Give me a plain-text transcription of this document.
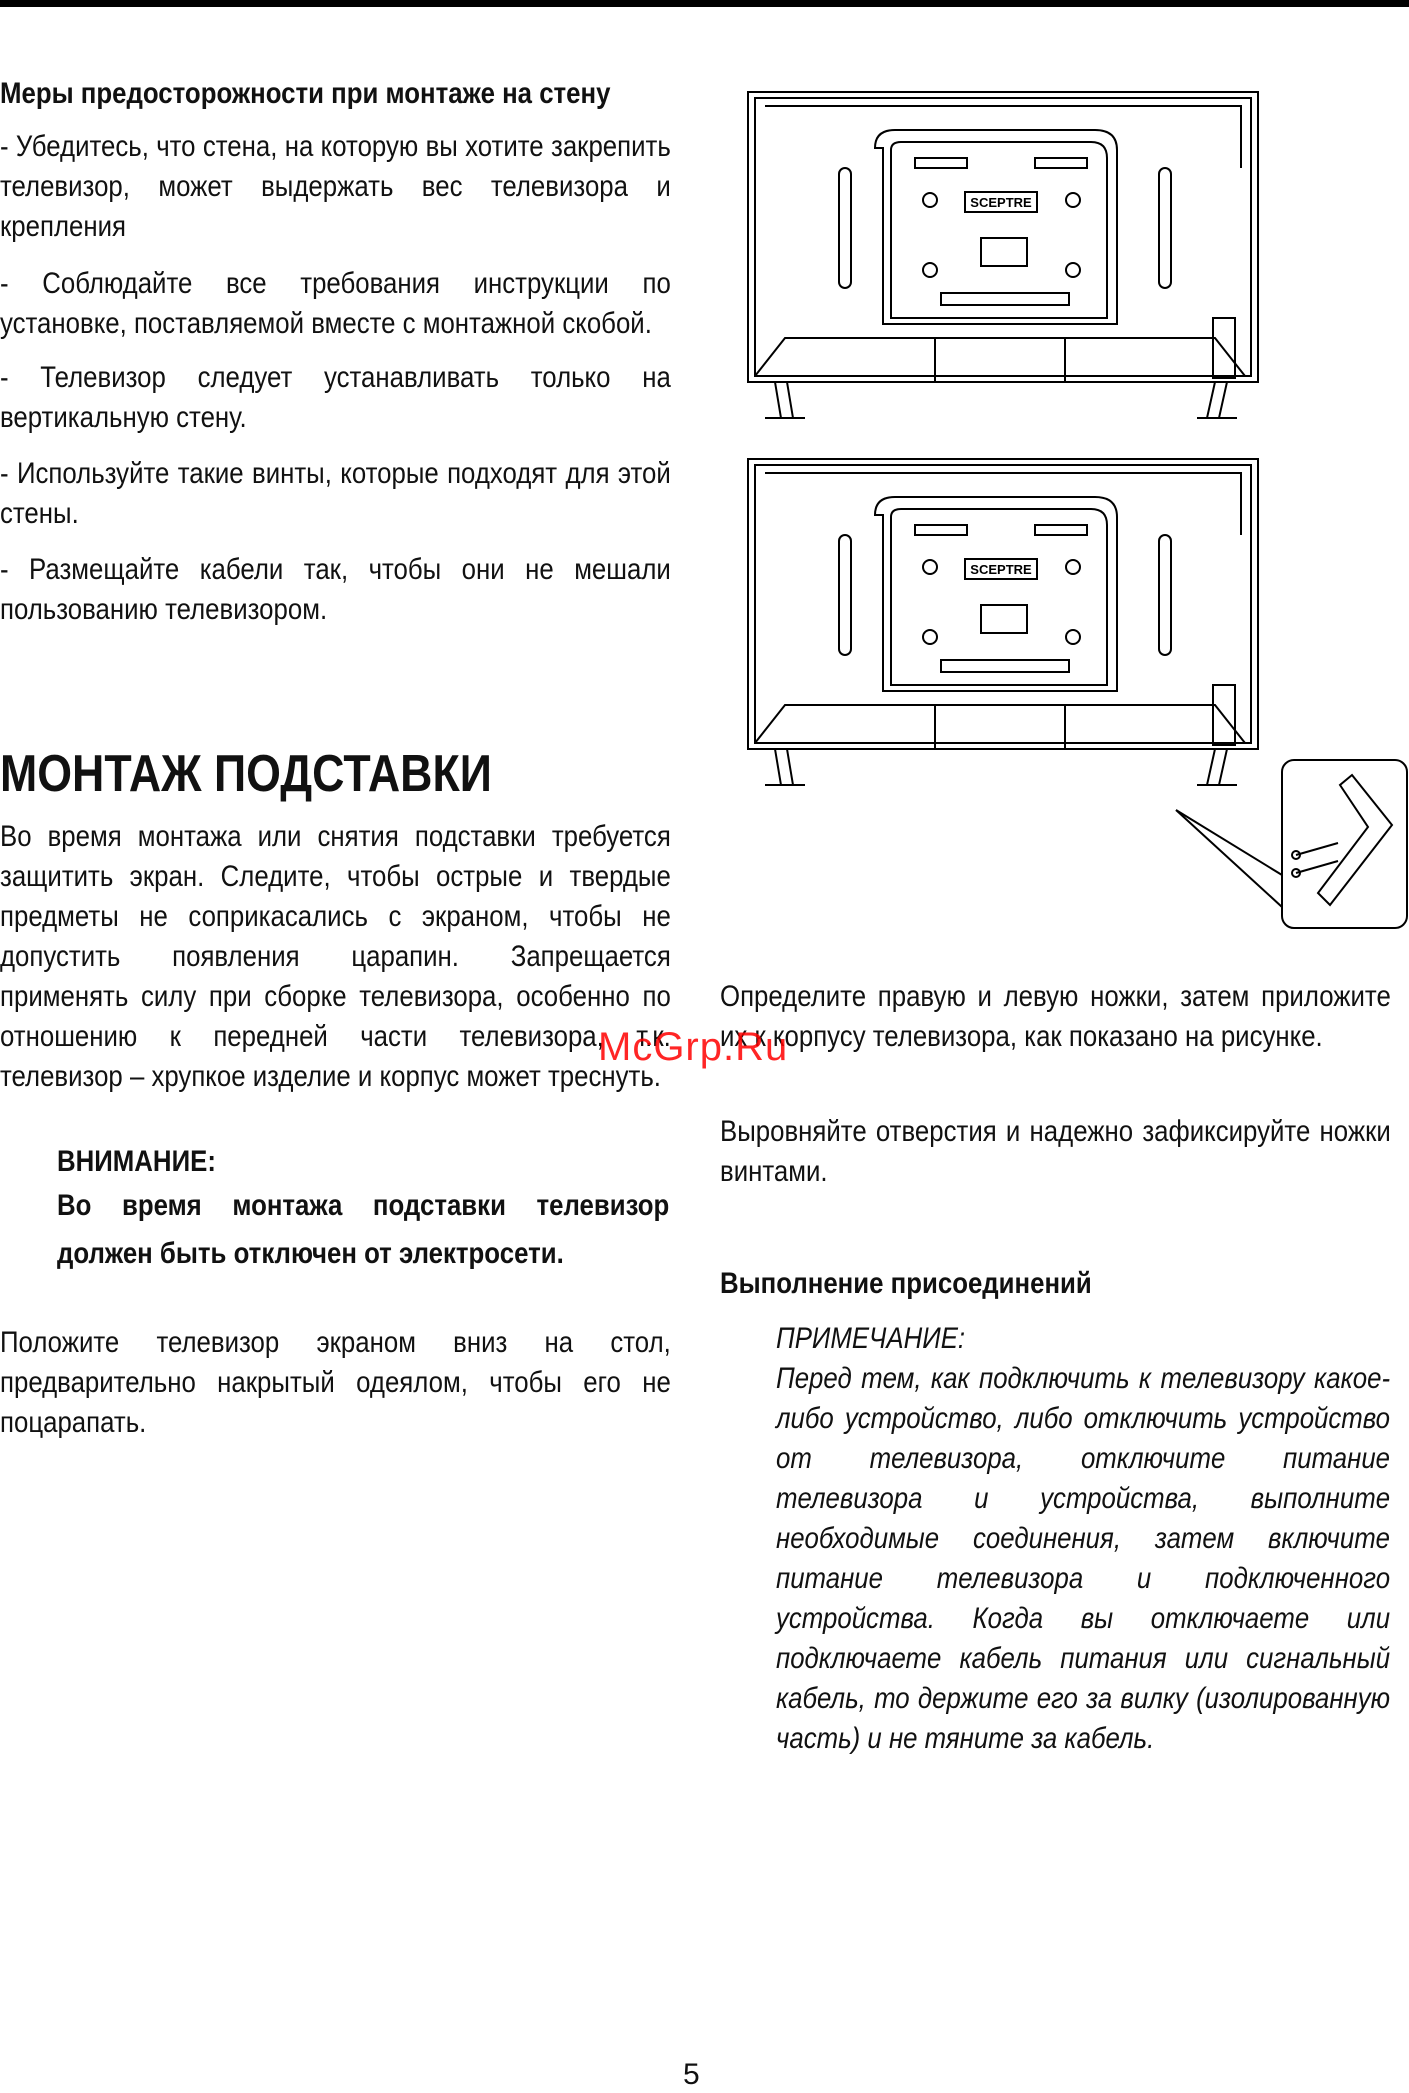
Меры предосторожности при монтаже на стену

- Убедитесь, что стена, на которую вы хотите закрепить телевизор, может выдержать вес телевизора и крепления

- Соблюдайте все требования инструкции по установке, поставляемой вместе с монтажной скобой.

- Телевизор следует устанавливать только на вертикальную стену.

- Используйте такие винты, которые подходят для этой стены.

- Размещайте кабели так, чтобы они не мешали пользованию телевизором.

МОНТАЖ ПОДСТАВКИ

Во время монтажа или снятия подставки требуется защитить экран. Следите, чтобы острые и твердые предметы не соприкасались с экраном, чтобы не допустить появления царапин. Запрещается применять силу при сборке телевизора, особенно по отношению к передней части телевизора, т.к. телевизор – хрупкое изделие и корпус может треснуть.

ВНИМАНИЕ:

Во время монтажа подставки телевизор должен быть отключен от электросети.

Положите телевизор экраном вниз на стол, предварительно накрытый одеялом, чтобы его не поцарапать.

SCEPTRE
SCEPTRE

Определите правую и левую ножки, затем приложите их к корпусу телевизора, как показано на рисунке.

Выровняйте отверстия и надежно зафиксируйте ножки винтами.

Выполнение присоединений

ПРИМЕЧАНИЕ:

Перед тем, как подключить к телевизору какое-либо устройство, либо отключить устройство от телевизора, отключите питание телевизора и устройства, выполните необходимые соединения, затем включите питание телевизора и подключенного устройства. Когда вы отключаете или подключаете кабель питания или сигнальный кабель, то держите его за вилку (изолированную часть) и не тяните за кабель.

McGrp.Ru
5
